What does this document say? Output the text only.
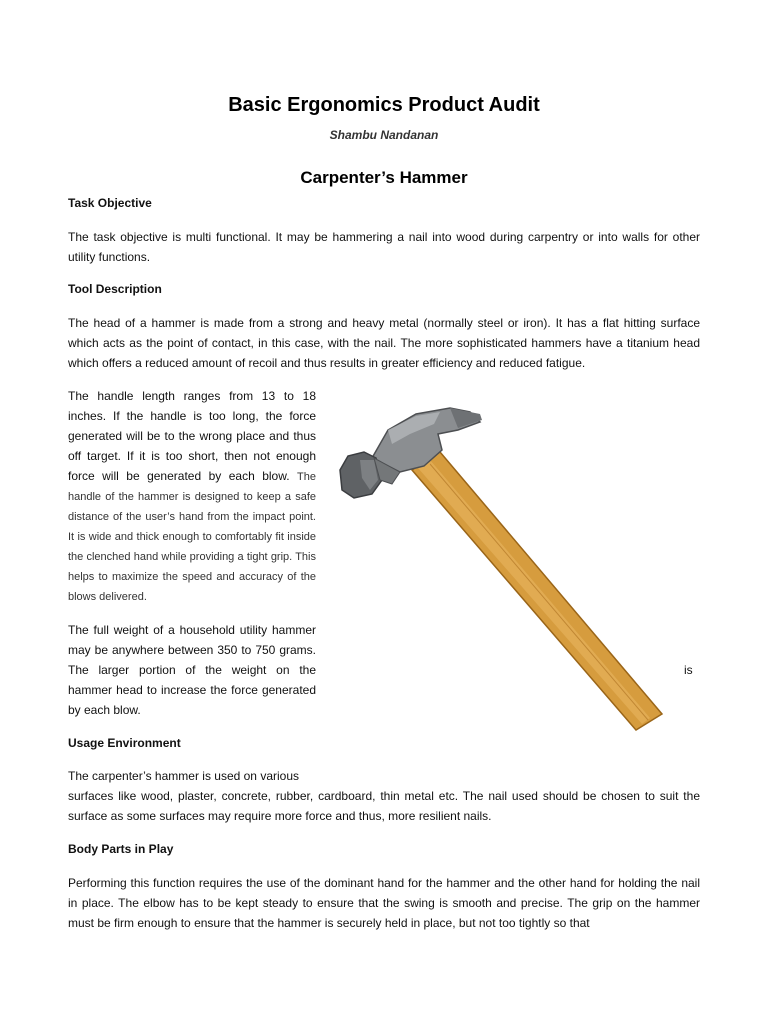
Basic Ergonomics Product Audit
Shambu Nandanan
Carpenter’s Hammer
Task Objective
The task objective is multi functional. It may be hammering a nail into wood during carpentry or into walls for other utility functions.
Tool Description
The head of a hammer is made from a strong and heavy metal (normally steel or iron). It has a flat hitting surface which acts as the point of contact, in this case, with the nail. The more sophisticated hammers have a titanium head which offers a reduced amount of recoil and thus results in greater efficiency and reduced fatigue.
The handle length ranges from 13 to 18 inches. If the handle is too long, the force generated will be to the wrong place and thus off target. If it is too short, then not enough force will be generated by each blow. The handle of the hammer is designed to keep a safe distance of the user’s hand from the impact point. It is wide and thick enough to comfortably fit inside the clenched hand while providing a tight grip. This helps to maximize the speed and accuracy of the blows delivered.
The full weight of a household utility hammer may be anywhere between 350 to 750 grams. The larger portion of the weight on the hammer head to increase the force generated by each blow.
is
Usage Environment
The carpenter’s hammer is used on various
surfaces like wood, plaster, concrete, rubber, cardboard, thin metal etc. The nail used should be chosen to suit the surface as some surfaces may require more force and thus, more resilient nails.
Body Parts in Play
Performing this function requires the use of the dominant hand for the hammer and the other hand for holding the nail in place. The elbow has to be kept steady to ensure that the swing is smooth and precise. The grip on the hammer must be firm enough to ensure that the hammer is securely held in place, but not too tightly so that
